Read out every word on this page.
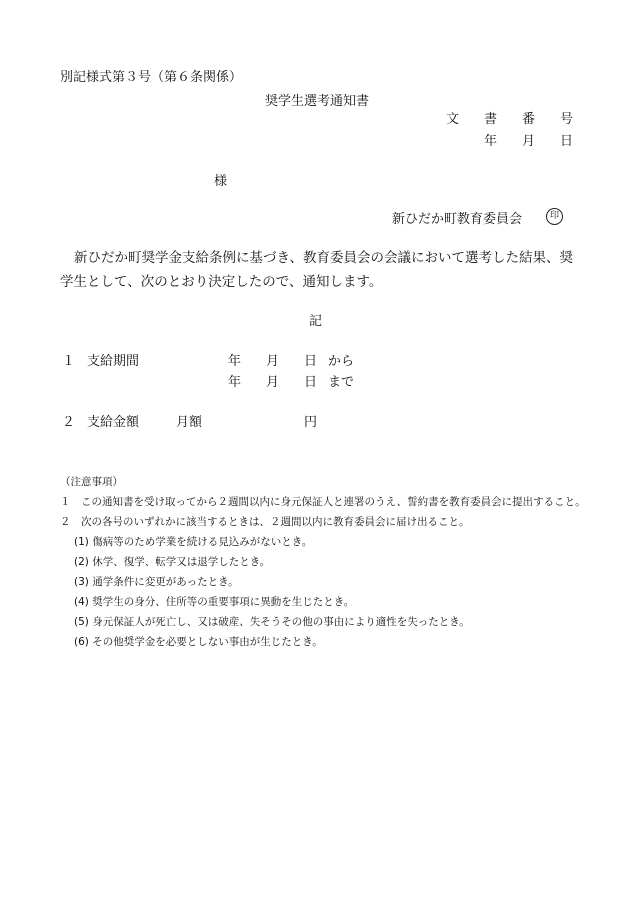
別記様式第３号（第６条関係）
奨学生選考通知書
文 書 番 号
年 月 日
様
新ひだか町教育委員会	印
新ひだか町奨学金支給条例に基づき、教育委員会の会議において選考した結果、奨学生として、次のとおり決定したので、通知します。
記
１ 支給期間	年 月 日 から
年 月 日 まで
２ 支給金額	月額	円
（注意事項）
１　この通知書を受け取ってから２週間以内に身元保証人と連署のうえ、誓約書を教育委員会に提出すること。
２　次の各号のいずれかに該当するときは、２週間以内に教育委員会に届け出ること。
(1) 傷病等のため学業を続ける見込みがないとき。
(2) 休学、復学、転学又は退学したとき。
(3) 通学条件に変更があったとき。
(4) 奨学生の身分、住所等の重要事項に異動を生じたとき。
(5) 身元保証人が死亡し、又は破産、失そうその他の事由により適性を失ったとき。
(6) その他奨学金を必要としない事由が生じたとき。
